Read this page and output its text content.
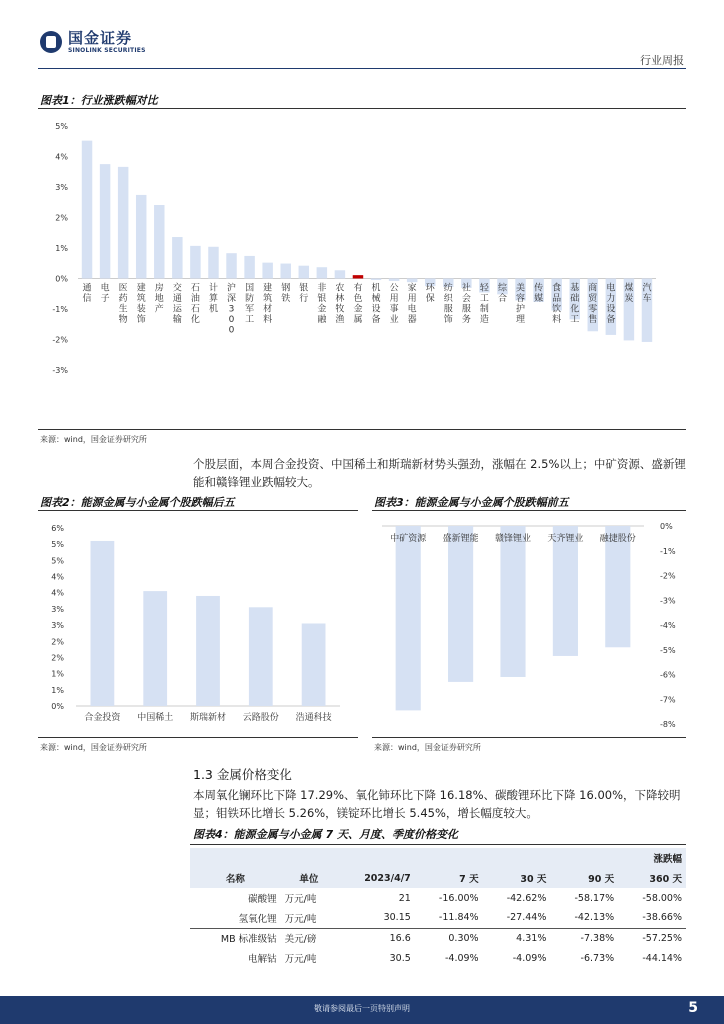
国金证券
SINOLINK SECURITIES
行业周报
图表1：行业涨跌幅对比
-3%
-2%
-1%
0%
1%
2%
3%
4%
5%
通信
电子
医药生物
建筑装饰
房地产
交通运输
石油石化
计算机
沪深 3 0 0
国防军工
建筑材料
钢铁
银行
非银金融
农林牧渔
有色金属
机械设备
公用事业
家用电器
环保
纺织服饰
社会服务
轻工制造
综合
美容护理
传媒
食品饮料
基础化工
商贸零售
电力设备
煤炭
汽车
来源：wind，国金证券研究所
个股层面，本周合金投资、中国稀土和斯瑞新材势头强劲，涨幅在 2.5%以上；中矿资源、盛新锂能和赣锋锂业跌幅较大。
图表2：能源金属与小金属个股跌幅后五
0%
1%
1%
2%
2%
3%
3%
4%
4%
5%
5%
6%
合金投资 中国稀土 斯瑞新材 云路股份 浩通科技
来源：wind，国金证券研究所
图表3：能源金属与小金属个股跌幅前五
0%
-1%
-2%
-3%
-4%
-5%
-6%
-7%
-8%
中矿资源 盛新锂能 赣锋锂业 天齐锂业 融捷股份
来源：wind，国金证券研究所
1.3 金属价格变化
本周氧化镧环比下降 17.29%、氧化铈环比下降 16.18%、碳酸锂环比下降 16.00%，下降较明显；钼铁环比增长 5.26%，镁锭环比增长 5.45%，增长幅度较大。
图表4：能源金属与小金属 7 天、月度、季度价格变化
						涨跌幅
名称	单位	2023/4/7	7 天	30 天	90 天	360 天
碳酸锂	万元/吨	21	-16.00%	-42.62%	-58.17%	-58.00%
氢氧化锂	万元/吨	30.15	-11.84%	-27.44%	-42.13%	-38.66%
MB 标准级钴	美元/磅	16.6	0.30%	4.31%	-7.38%	-57.25%
电解钴	万元/吨	30.5	-4.09%	-4.09%	-6.73%	-44.14%
敬请参阅最后一页特别声明	5
